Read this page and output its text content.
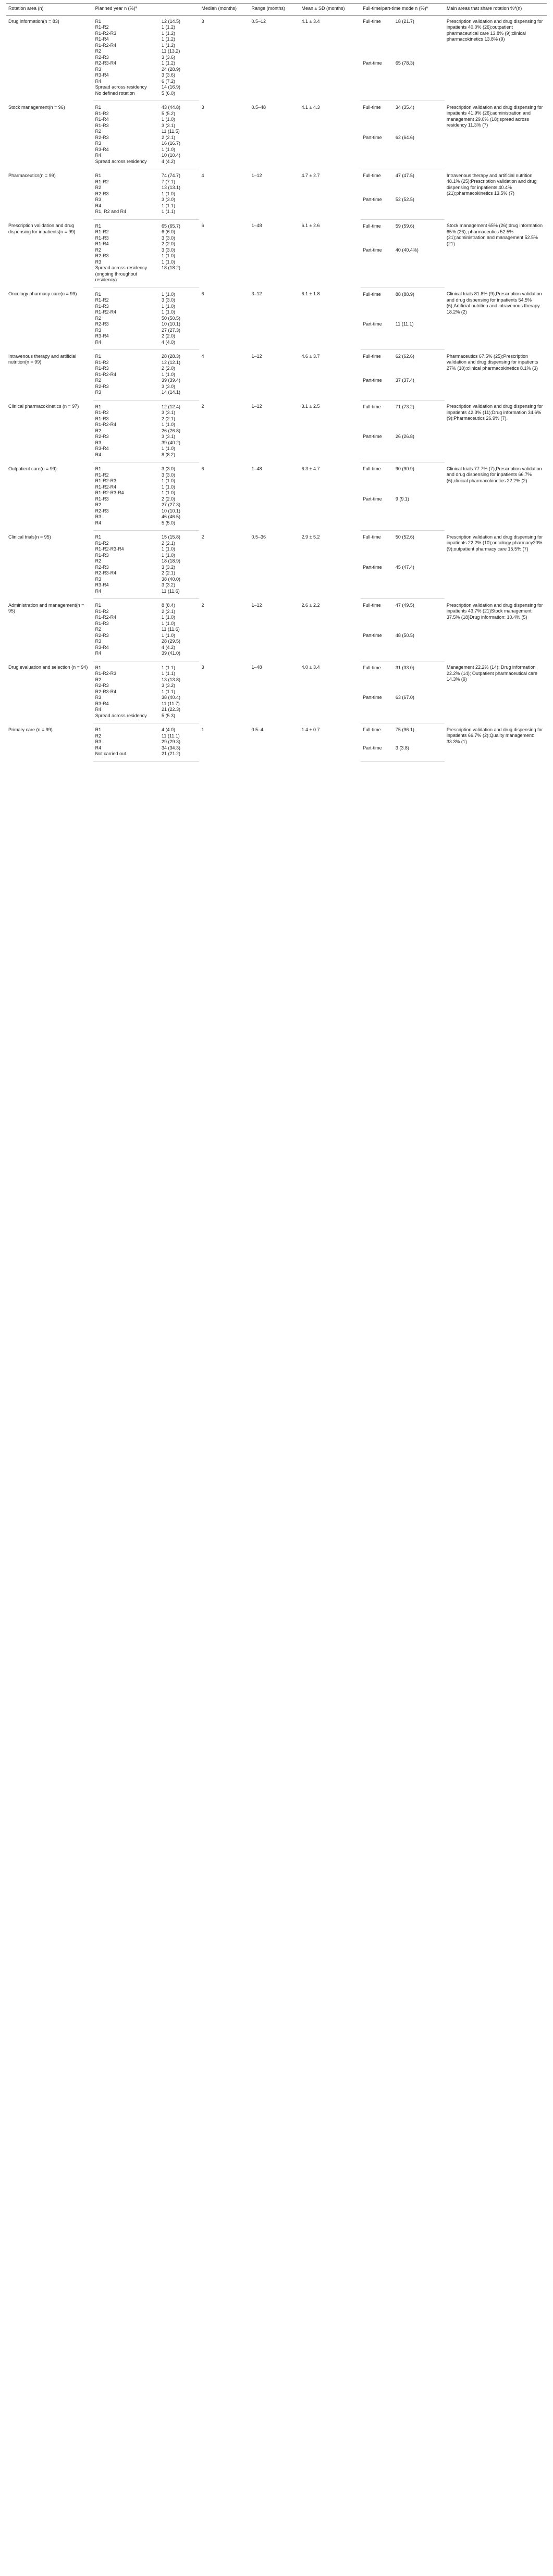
Rotation area (n)	Planned year n (%)ª		Median (months)	Range (months)	Mean ± SD (months)	Full-time/part-time mode n (%)ª		Main areas that share rotation %ª(n)
Drug information(n = 83)	R1	12 (14.5)	3	0.5–12	4.1 ± 3.4	Full-time	18 (21.7)	Prescription validation and drug dispensing for inpatients 40.0% (26);outpatient pharmaceutical care 13.8% (9);clinical pharmacokinetics 13.8% (9)
	R1-R2	1 (1.2)						
	R1-R2-R3	1 (1.2)						
	R1-R4	1 (1.2)						
	R1-R2-R4	1 (1.2)						
	R2	11 (13.2)						
	R2-R3	3 (3.6)						
	R2-R3-R4	1 (1.2)				Part-time	65 (78.3)	
	R3	24 (28.9)						
	R3-R4	3 (3.6)						
	R4	6 (7.2)						
	Spread across residency	14 (16.9)						
	No defined rotation	5 (6.0)						
Stock management(n = 96)	R1	43 (44.8)	3	0.5–48	4.1 ± 4.3	Full-time	34 (35.4)	Prescription validation and drug dispensing for inpatients 41.9% (26);administration and management 29.0% (18);spread across residency 11.3% (7)
	R1-R2	5 (5.2)						
	R1-R4	1 (1.0)						
	R1-R3	3 (3.1)						
	R2	11 (11.5)						
	R2-R3	2 (2.1)				Part-time	62 (64.6)	
	R3	16 (16.7)						
	R3-R4	1 (1.0)						
	R4	10 (10.4)						
	Spread across residency	4 (4.2)						
Pharmaceutics(n = 99)	R1	74 (74.7)	4	1–12	4.7 ± 2.7	Full-time	47 (47.5)	Intravenous therapy and artificial nutrition 48.1% (25);Prescription validation and drug dispensing for inpatients 40.4% (21);pharmacokinetics 13.5% (7)
	R1-R2	7 (7.1)						
	R2	13 (13.1)						
	R2-R3	1 (1.0)						
	R3	3 (3.0)				Part-time	52 (52.5)	
	R4	1 (1.1)						
	R1, R2 and R4	1 (1.1)						
Prescription validation and drug dispensing for inpatients(n = 99)	R1	65 (65.7)	6	1–48	6.1 ± 2.6	Full-time	59 (59.6)	Stock management 65% (26);drug information 65% (26); pharmaceutics 52.5% (21);administration and management 52.5% (21)
	R1-R2	6 (6.0)						
	R1-R3	3 (3.0)						
	R1-R4	2 (2.0)						
	R2	3 (3.0)				Part-time	40 (40.4%)	
	R2-R3	1 (1.0)						
	R3	1 (1.0)						
	Spread across-residency (ongoing throughout residency)	18 (18.2)						
Oncology pharmacy care(n = 99)	R1	1 (1.0)	6	3–12	6.1 ± 1.8	Full-time	88 (88.9)	Clinical trials 81.8% (9);Prescription validation and drug dispensing for inpatients 54.5% (6);Artificial nutrition and intravenous therapy 18.2% (2)
	R1-R2	3 (3.0)						
	R1-R3	1 (1.0)						
	R1-R2-R4	1 (1.0)						
	R2	50 (50.5)						
	R2-R3	10 (10.1)				Part-time	11 (11.1)	
	R3	27 (27.3)						
	R3-R4	2 (2.0)						
	R4	4 (4.0)						
Intravenous therapy and artificial nutrition(n = 99)	R1	28 (28.3)	4	1–12	4.6 ± 3.7	Full-time	62 (62.6)	Pharmaceutics 67.5% (25);Prescription validation and drug dispensing for inpatients 27% (10);clinical pharmacokinetics 8.1% (3)
	R1-R2	12 (12.1)						
	R1-R3	2 (2.0)						
	R1-R2-R4	1 (1.0)						
	R2	39 (39.4)				Part-time	37 (37.4)	
	R2-R3	3 (3.0)						
	R3	14 (14.1)						
Clinical pharmacokinetics (n = 97)	R1	12 (12.4)	2	1–12	3.1 ± 2.5	Full-time	71 (73.2)	Prescription validation and drug dispensing for inpatients 42.3% (11);Drug information 34.6% (9);Pharmaceutics 26.9% (7).
	R1-R2	3 (3.1)						
	R1-R3	2 (2.1)						
	R1-R2-R4	1 (1.0)						
	R2	26 (26.8)						
	R2-R3	3 (3.1)				Part-time	26 (26.8)	
	R3	39 (40.2)						
	R3-R4	1 (1.0)						
	R4	8 (8.2)						
Outpatient care(n = 99)	R1	3 (3.0)	6	1–48	6.3 ± 4.7	Full-time	90 (90.9)	Clinical trials 77.7% (7);Prescription validation and drug dispensing for inpatients 66.7% (6);clinical pharmacokinetics 22.2% (2)
	R1-R2	3 (3.0)						
	R1-R2-R3	1 (1.0)						
	R1-R2-R4	1 (1.0)						
	R1-R2-R3-R4	1 (1.0)						
	R1-R3	2 (2.0)				Part-time	9 (9.1)	
	R2	27 (27.3)						
	R2-R3	10 (10.1)						
	R3	46 (46.5)						
	R4	5 (5.0)						
Clinical trials(n = 95)	R1	15 (15.8)	2	0.5–36	2.9 ± 5.2	Full-time	50 (52.6)	Prescription validation and drug dispensing for inpatients 22.2% (10);oncology pharmacy20% (9);outpatient pharmacy care 15.5% (7)
	R1-R2	2 (2.1)						
	R1-R2-R3-R4	1 (1.0)						
	R1-R3	1 (1.0)						
	R2	18 (18.9)						
	R2-R3	3 (3.2)				Part-time	45 (47.4)	
	R2-R3-R4	2 (2.1)						
	R3	38 (40.0)						
	R3-R4	3 (3.2)						
	R4	11 (11.6)						
Administration and management(n = 95)	R1	8 (8.4)	2	1–12	2.6 ± 2.2	Full-time	47 (49.5)	Prescription validation and drug dispensing for inpatients 43.7% (21)Stock management: 37.5% (18)Drug information: 10.4% (5)
	R1-R2	2 (2.1)						
	R1-R2-R4	1 (1.0)						
	R1-R3	1 (1.0)						
	R2	11 (11.6)						
	R2-R3	1 (1.0)				Part-time	48 (50.5)	
	R3	28 (29.5)						
	R3-R4	4 (4.2)						
	R4	39 (41.0)						
Drug evaluation and selection (n = 94)	R1	1 (1.1)	3	1–48	4.0 ± 3.4	Full-time	31 (33.0)	Management 22.2% (14); Drug information 22.2% (14); Outpatient pharmaceutical care 14.3% (9)
	R1-R2-R3	1 (1.1)						
	R2	13 (13.8)						
	R2-R3	3 (3.2)						
	R2-R3-R4	1 (1.1)						
	R3	38 (40.4)				Part-time	63 (67.0)	
	R3-R4	11 (11.7)						
	R4	21 (22.3)						
	Spread across residency	5 (5.3)						
Primary care (n = 99)	R1	4 (4.0)	1	0.5–4	1.4 ± 0.7	Full-time	75 (96.1)	Prescription validation and drug dispensing for inpatients 66.7% (2);Quality management: 33.3% (1)
	R2	11 (11.1)						
	R3	29 (29.3)						
	R4	34 (34.3)				Part-time	3 (3.8)	
	Not carried out.	21 (21.2)						
